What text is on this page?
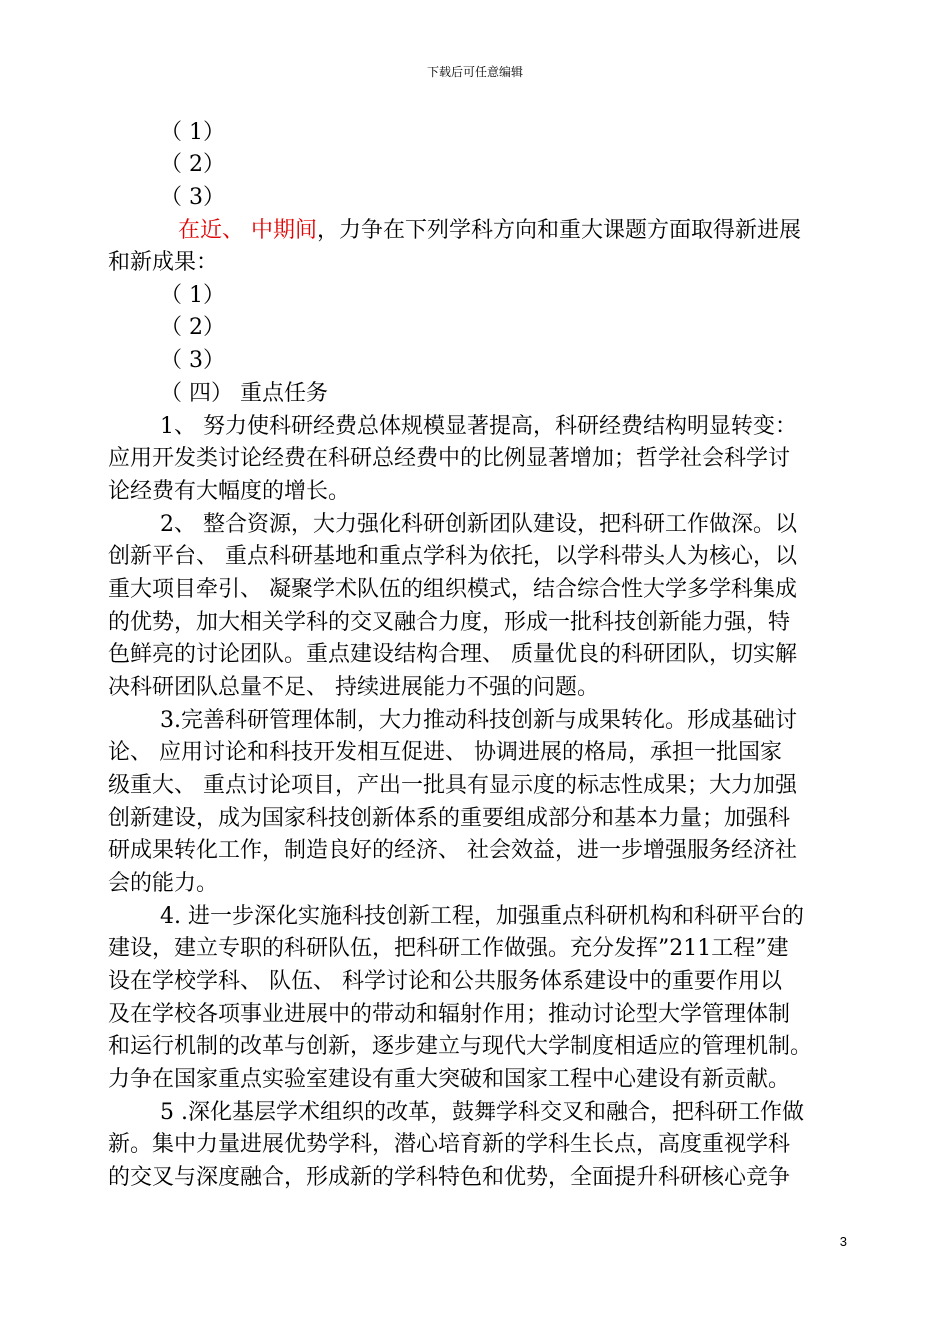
下载后可任意编辑
（ 1）
（ 2）
（ 3）
在近、 中期间，力争在下列学科方向和重大课题方面取得新进展
和新成果：
（ 1）
（ 2）
（ 3）
（ 四） 重点任务
1、 努力使科研经费总体规模显著提高，科研经费结构明显转变：
应用开发类讨论经费在科研总经费中的比例显著增加；哲学社会科学讨
论经费有大幅度的增长。
2、 整合资源，大力强化科研创新团队建设，把科研工作做深。以
创新平台、 重点科研基地和重点学科为依托，以学科带头人为核心，以
重大项目牵引、 凝聚学术队伍的组织模式，结合综合性大学多学科集成
的优势，加大相关学科的交叉融合力度，形成一批科技创新能力强，特
色鲜亮的讨论团队。重点建设结构合理、 质量优良的科研团队，切实解
决科研团队总量不足、 持续进展能力不强的问题。
3.完善科研管理体制，大力推动科技创新与成果转化。形成基础讨
论、 应用讨论和科技开发相互促进、 协调进展的格局，承担一批国家
级重大、 重点讨论项目，产出一批具有显示度的标志性成果；大力加强
创新建设，成为国家科技创新体系的重要组成部分和基本力量；加强科
研成果转化工作，制造良好的经济、 社会效益，进一步增强服务经济社
会的能力。
4. 进一步深化实施科技创新工程，加强重点科研机构和科研平台的
建设，建立专职的科研队伍，把科研工作做强。充分发挥”211工程”建
设在学校学科、 队伍、 科学讨论和公共服务体系建设中的重要作用以
及在学校各项事业进展中的带动和辐射作用；推动讨论型大学管理体制
和运行机制的改革与创新，逐步建立与现代大学制度相适应的管理机制。
力争在国家重点实验室建设有重大突破和国家工程中心建设有新贡献。
5 .深化基层学术组织的改革，鼓舞学科交叉和融合，把科研工作做
新。集中力量进展优势学科，潜心培育新的学科生长点，高度重视学科
的交叉与深度融合，形成新的学科特色和优势，全面提升科研核心竞争
3
